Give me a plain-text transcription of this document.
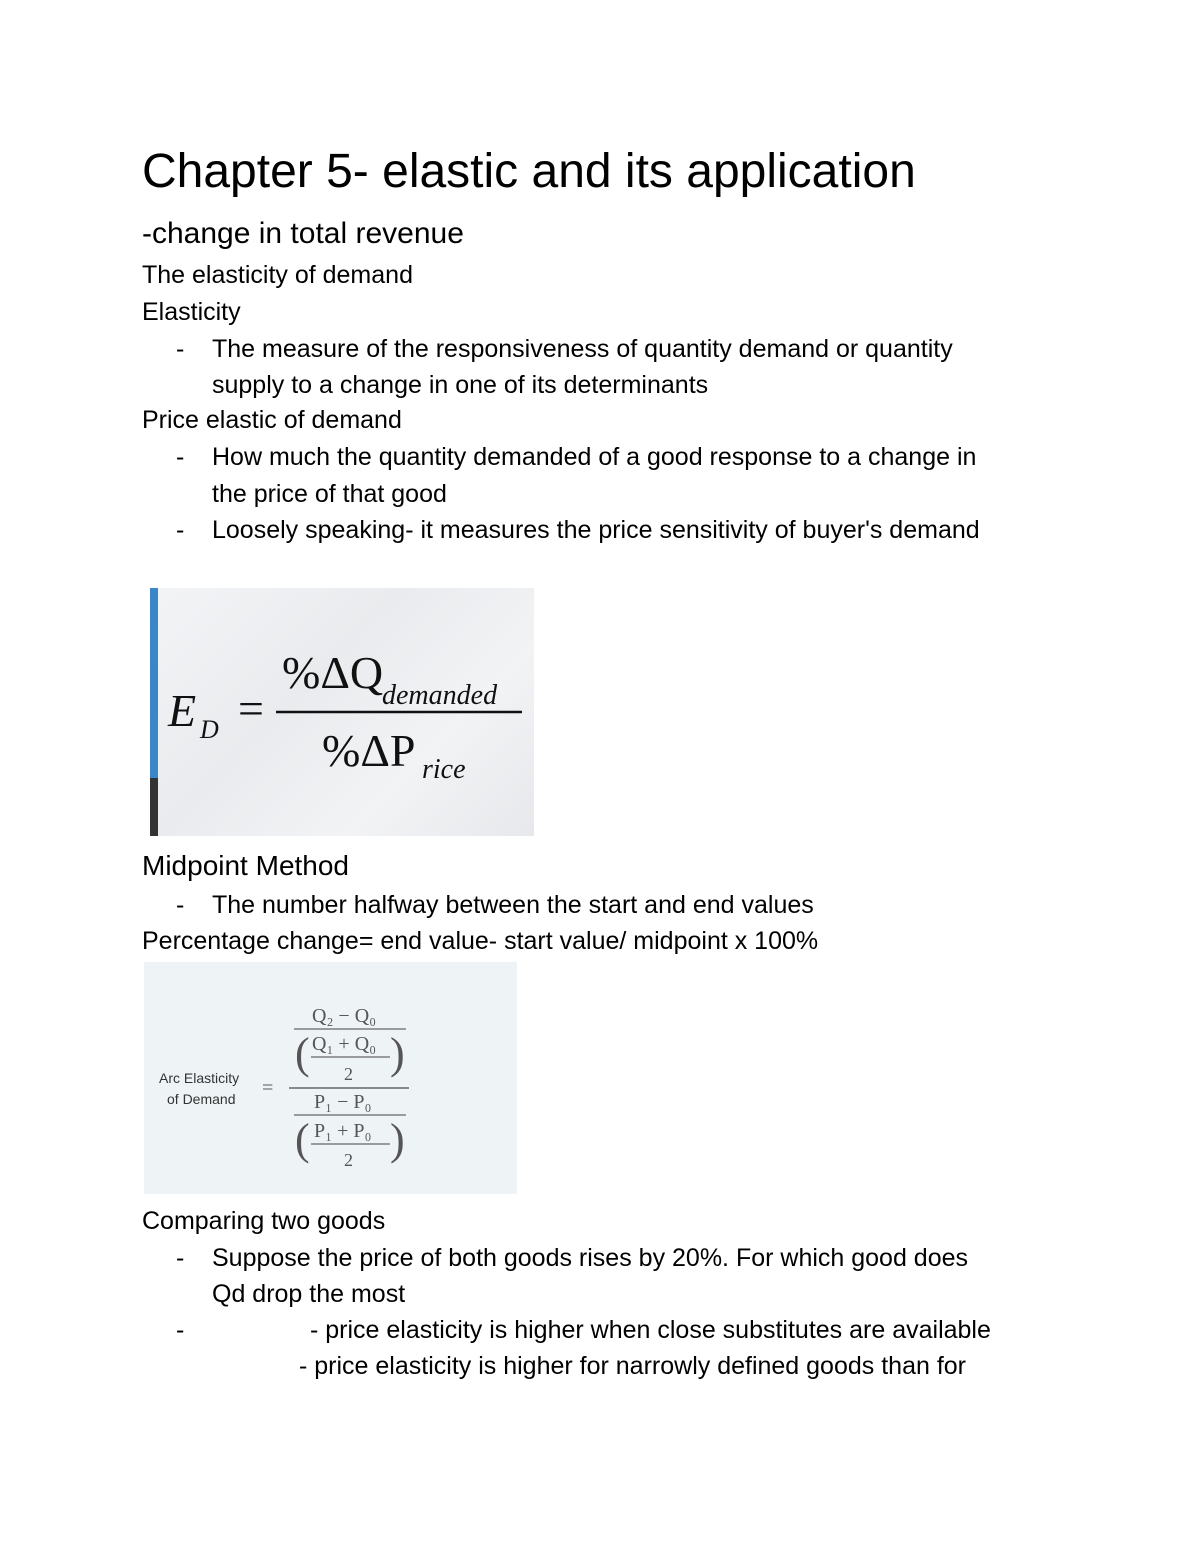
Chapter 5- elastic and its application
-change in total revenue
The elasticity of demand
Elasticity
- The measure of the responsiveness of quantity demand or quantity
supply to a change in one of its determinants
Price elastic of demand
- How much the quantity demanded of a good response to a change in
the price of that good
- Loosely speaking- it measures the price sensitivity of buyer's demand
E D =
%ΔQ
demanded
%ΔP rice
Midpoint Method
- The number halfway between the start and end values
Percentage change= end value- start value/ midpoint x 100%
Arc Elasticity
of Demand =
Q₂ − Q₀
( Q₁ + Q₀
2 )
P₁ − P₀
( P₁ + P₀
2 )
Comparing two goods
- Suppose the price of both goods rises by 20%. For which good does
Qd drop the most
-	- price elasticity is higher when close substitutes are available
- price elasticity is higher for narrowly defined goods than for
